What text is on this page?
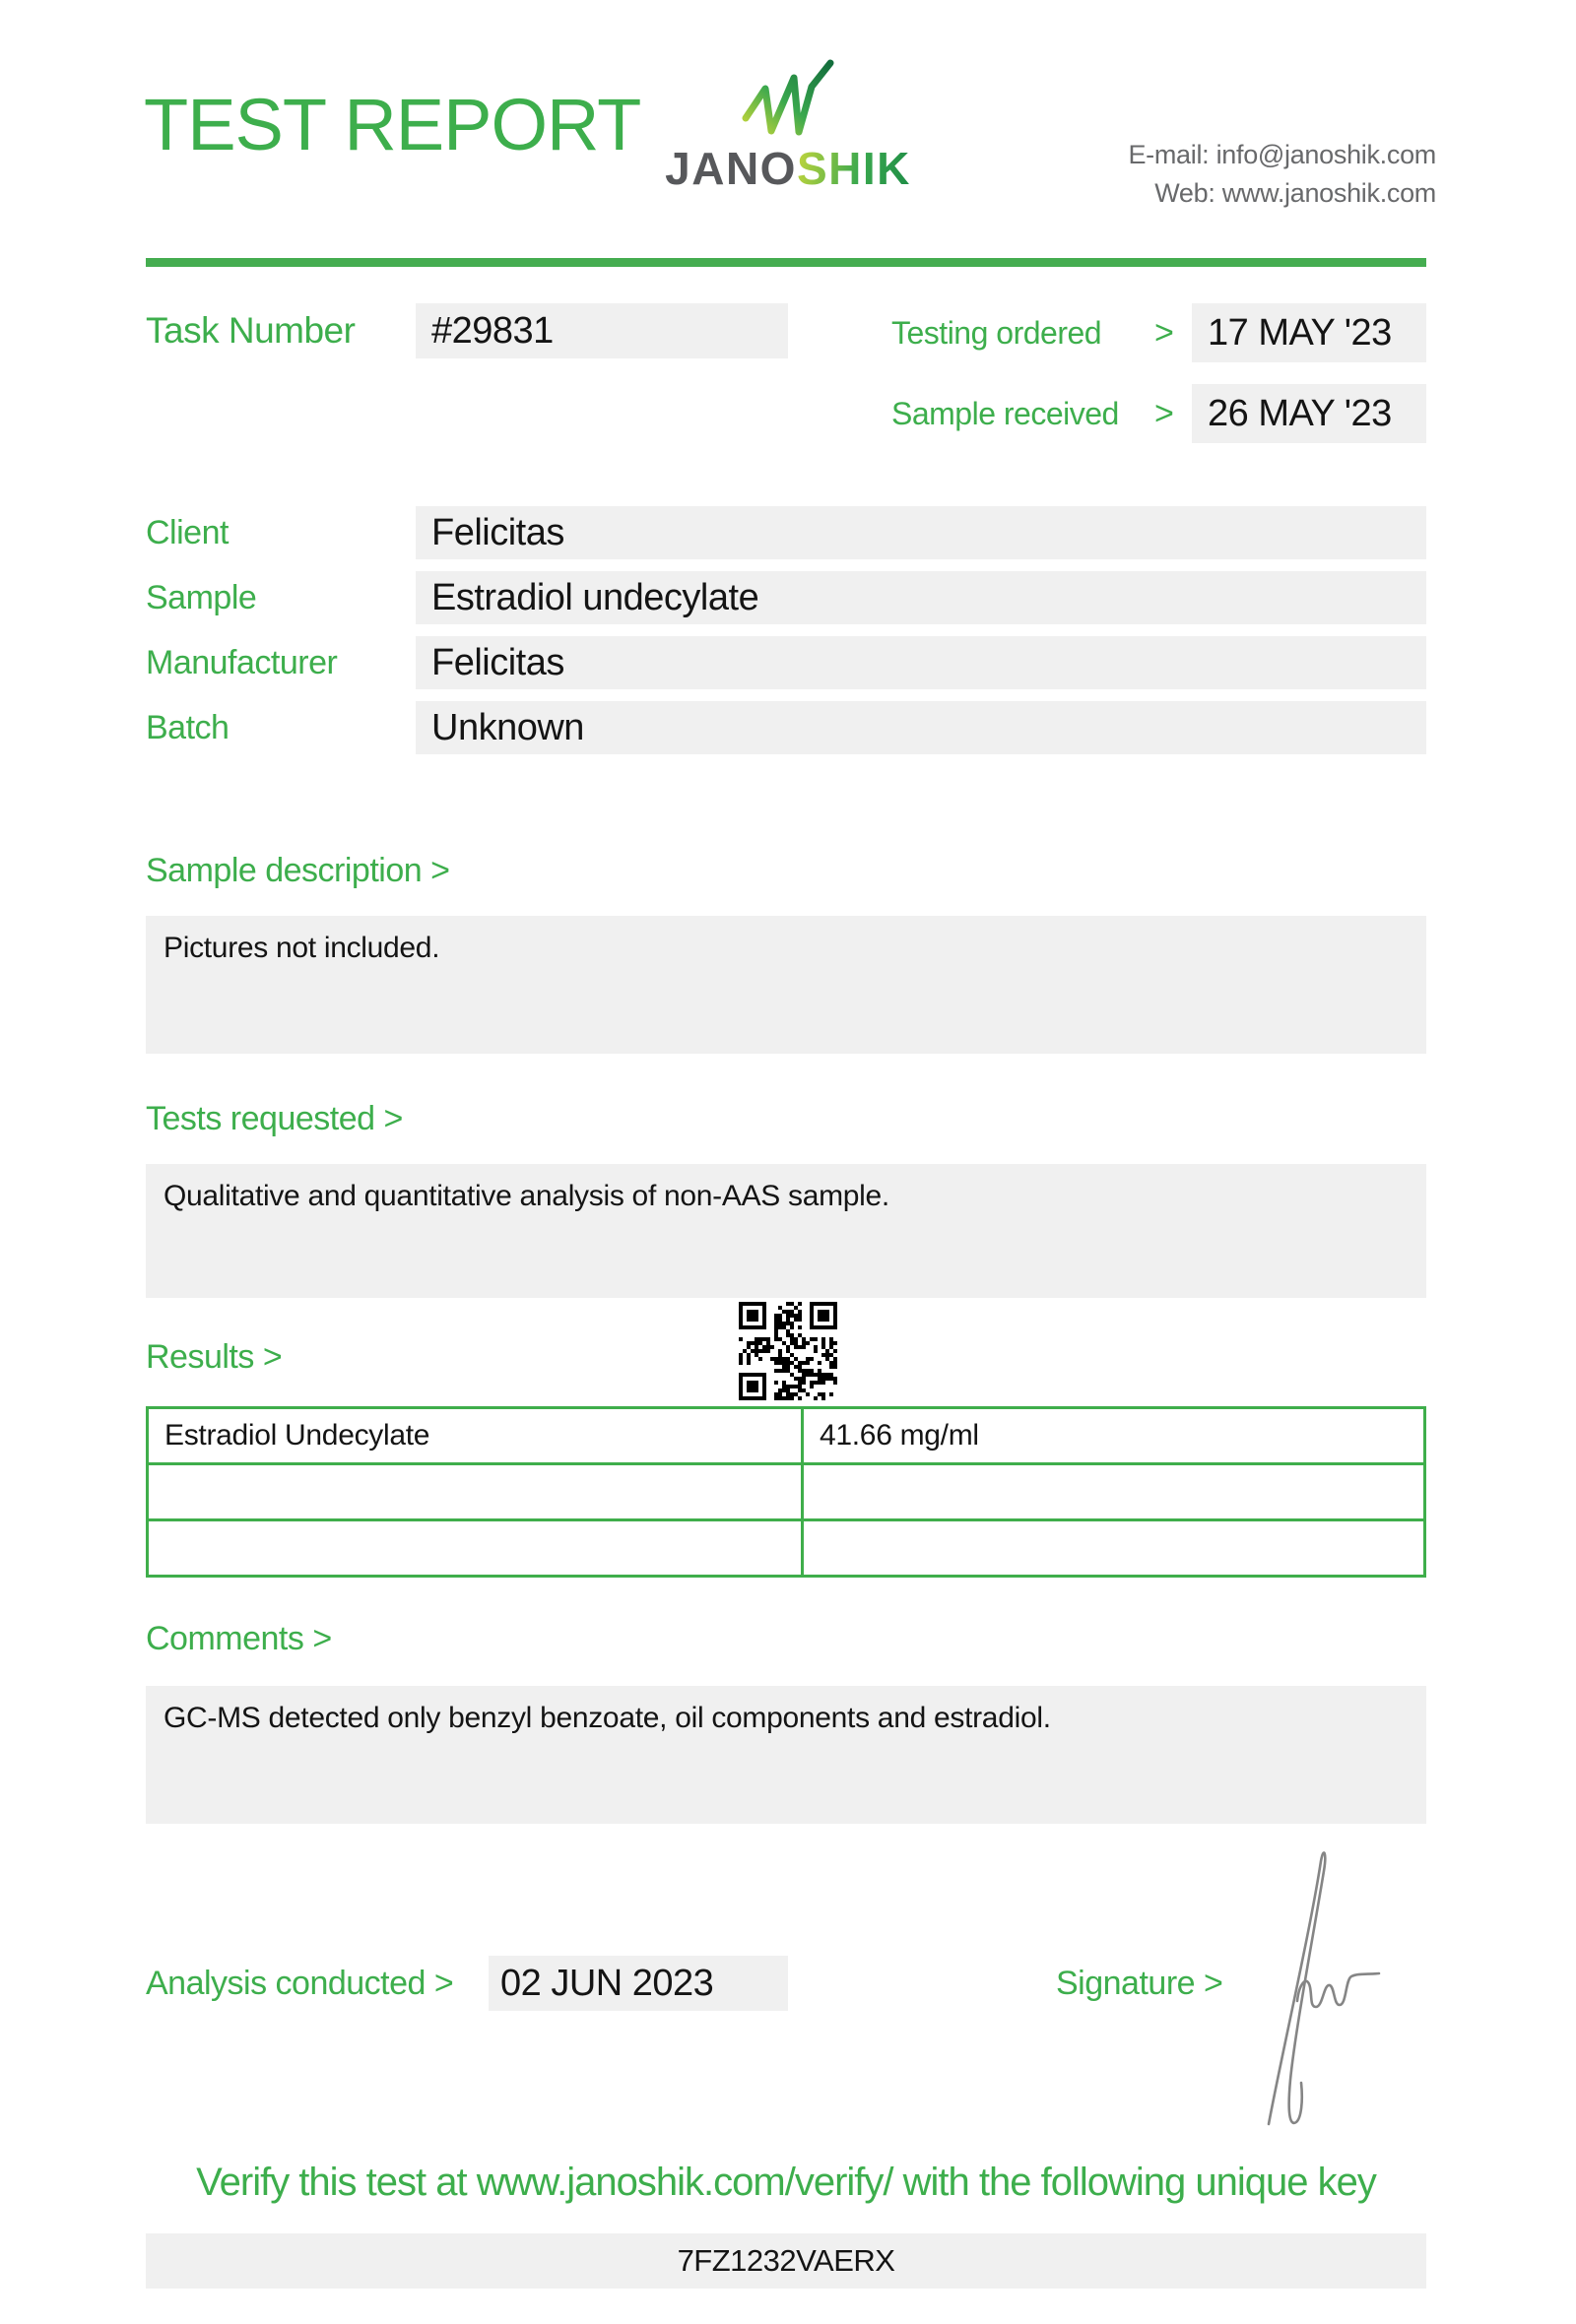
TEST REPORT
JANOSHIK	E-mail: info@janoshik.com
Web: www.janoshik.com
Task Number	#29831	Testing ordered > 17 MAY '23
Sample received > 26 MAY '23
Client	Felicitas
Sample	Estradiol undecylate
Manufacturer	Felicitas
Batch	Unknown
Sample description >
Pictures not included.
Tests requested >
Qualitative and quantitative analysis of non-AAS sample.
Results >
Estradiol Undecylate	41.66 mg/ml

Comments >
GC-MS detected only benzyl benzoate, oil components and estradiol.
Analysis conducted >	02 JUN 2023	Signature >
Verify this test at www.janoshik.com/verify/ with the following unique key
7FZ1232VAERX
